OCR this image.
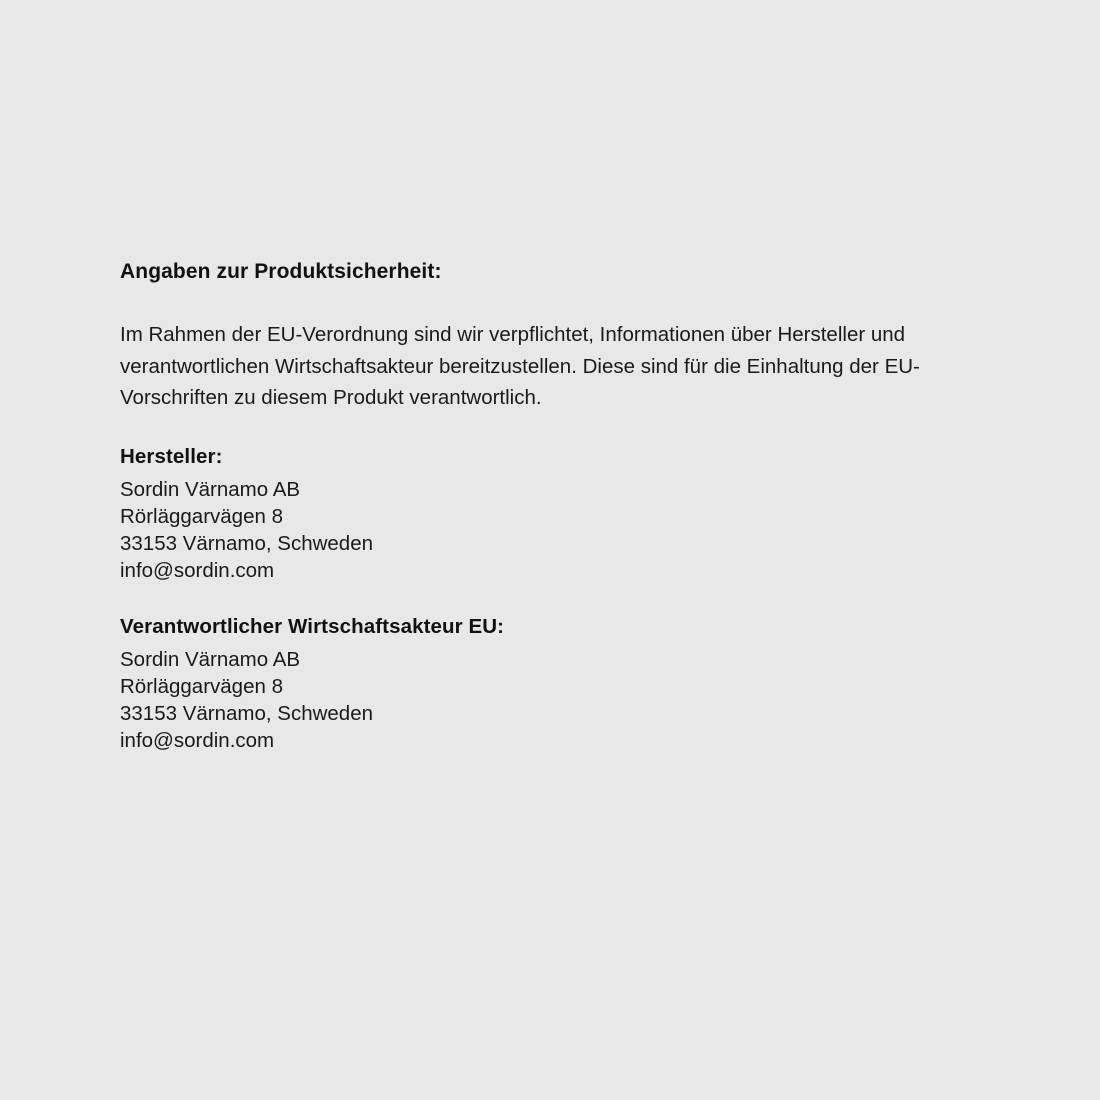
Angaben zur Produktsicherheit:

Im Rahmen der EU-Verordnung sind wir verpflichtet, Informationen über Hersteller und verantwortlichen Wirtschaftsakteur bereitzustellen. Diese sind für die Einhaltung der EU-Vorschriften zu diesem Produkt verantwortlich.

Hersteller:
Sordin Värnamo AB
Rörläggarvägen 8
33153 Värnamo, Schweden
info@sordin.com
Verantwortlicher Wirtschaftsakteur EU:
Sordin Värnamo AB
Rörläggarvägen 8
33153 Värnamo, Schweden
info@sordin.com
